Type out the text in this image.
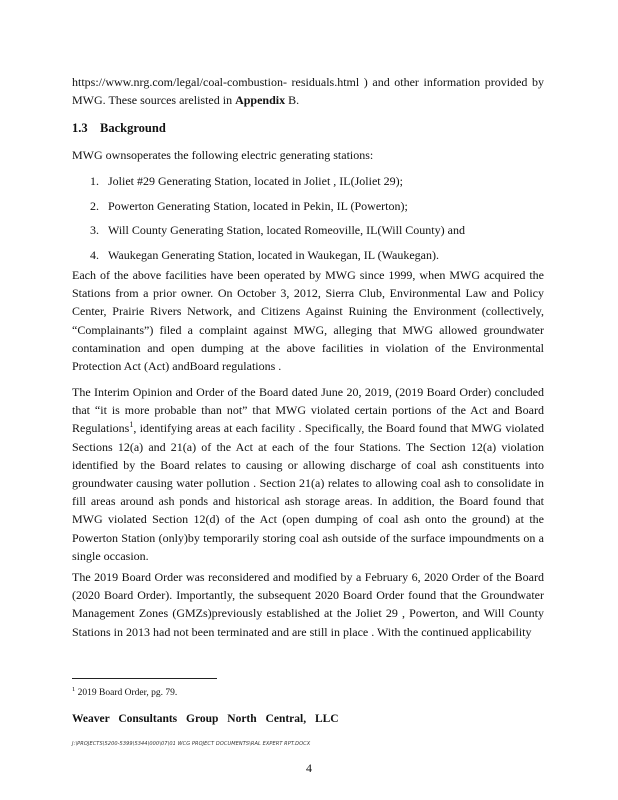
https://www.nrg.com/legal/coal-combustion- residuals.html ) and other information provided by MWG. These sources arelisted in Appendix B.

1.3 Background

MWG ownsoperates the following electric generating stations:

1. Joliet #29 Generating Station, located in Joliet , IL(Joliet 29);
2. Powerton Generating Station, located in Pekin, IL (Powerton);
3. Will County Generating Station, located Romeoville, IL(Will County) and
4. Waukegan Generating Station, located in Waukegan, IL (Waukegan).

Each of the above facilities have been operated by MWG since 1999, when MWG acquired the Stations from a prior owner. On October 3, 2012, Sierra Club, Environmental Law and Policy Center, Prairie Rivers Network, and Citizens Against Ruining the Environment (collectively, “Complainants”) filed a complaint against MWG, alleging that MWG allowed groundwater contamination and open dumping at the above facilities in violation of the Environmental Protection Act (Act) andBoard regulations .

The Interim Opinion and Order of the Board dated June 20, 2019, (2019 Board Order) concluded that “it is more probable than not” that MWG violated certain portions of the Act and Board Regulations$^1$, identifying areas at each facility . Specifically, the Board found that MWG violated Sections 12(a) and 21(a) of the Act at each of the four Stations. The Section 12(a) violation identified by the Board relates to causing or allowing discharge of coal ash constituents into groundwater causing water pollution . Section 21(a) relates to allowing coal ash to consolidate in fill areas around ash ponds and historical ash storage areas. In addition, the Board found that MWG violated Section 12(d) of the Act (open dumping of coal ash onto the ground) at the Powerton Station (only)by temporarily storing coal ash outside of the surface impoundments on a single occasion.

The 2019 Board Order was reconsidered and modified by a February 6, 2020 Order of the Board (2020 Board Order). Importantly, the subsequent 2020 Board Order found that the Groundwater Management Zones (GMZs)previously established at the Joliet 29 , Powerton, and Will County Stations in 2013 had not been terminated and are still in place . With the continued applicability

$^1$ 2019 Board Order, pg. 79.
Weaver Consultants Group North Central, LLC
J:\PROJECTS\5200-5399\5344\000\07\01 WCG PROJECT DOCUMENTS\RAL EXPERT RPT.DOCX
4
